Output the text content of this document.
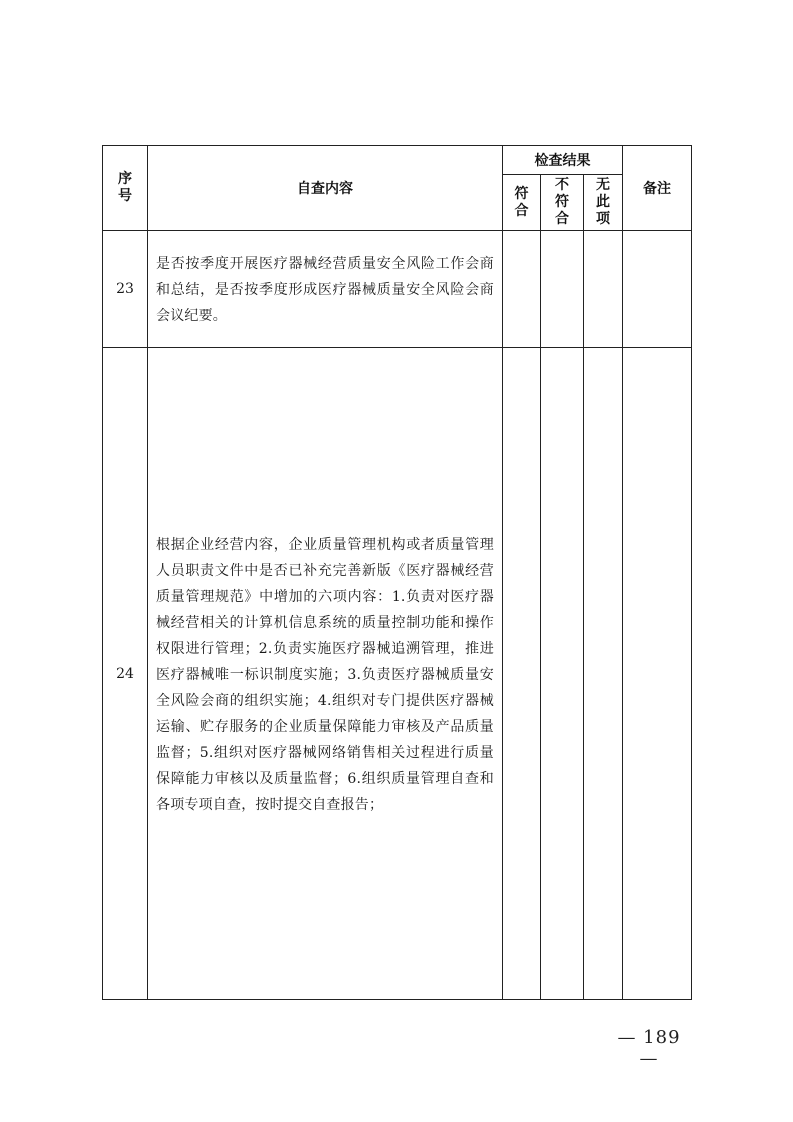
序号	自查内容	检查结果			备注
		符合	不符合	无此项	
23	是否按季度开展医疗器械经营质量安全风险工作会商和总结，是否按季度形成医疗器械质量安全风险会商会议纪要。				

24	根据企业经营内容，企业质量管理机构或者质量管理人员职责文件中是否已补充完善新版《医疗器械经营质量管理规范》中增加的六项内容：1.负责对医疗器械经营相关的计算机信息系统的质量控制功能和操作权限进行管理；2.负责实施医疗器械追溯管理，推进医疗器械唯一标识制度实施；3.负责医疗器械质量安全风险会商的组织实施；4.组织对专门提供医疗器械运输、贮存服务的企业质量保障能力审核及产品质量监督；5.组织对医疗器械网络销售相关过程进行质量保障能力审核以及质量监督；6.组织质量管理自查和各项专项自查，按时提交自查报告；				

— 189 —
